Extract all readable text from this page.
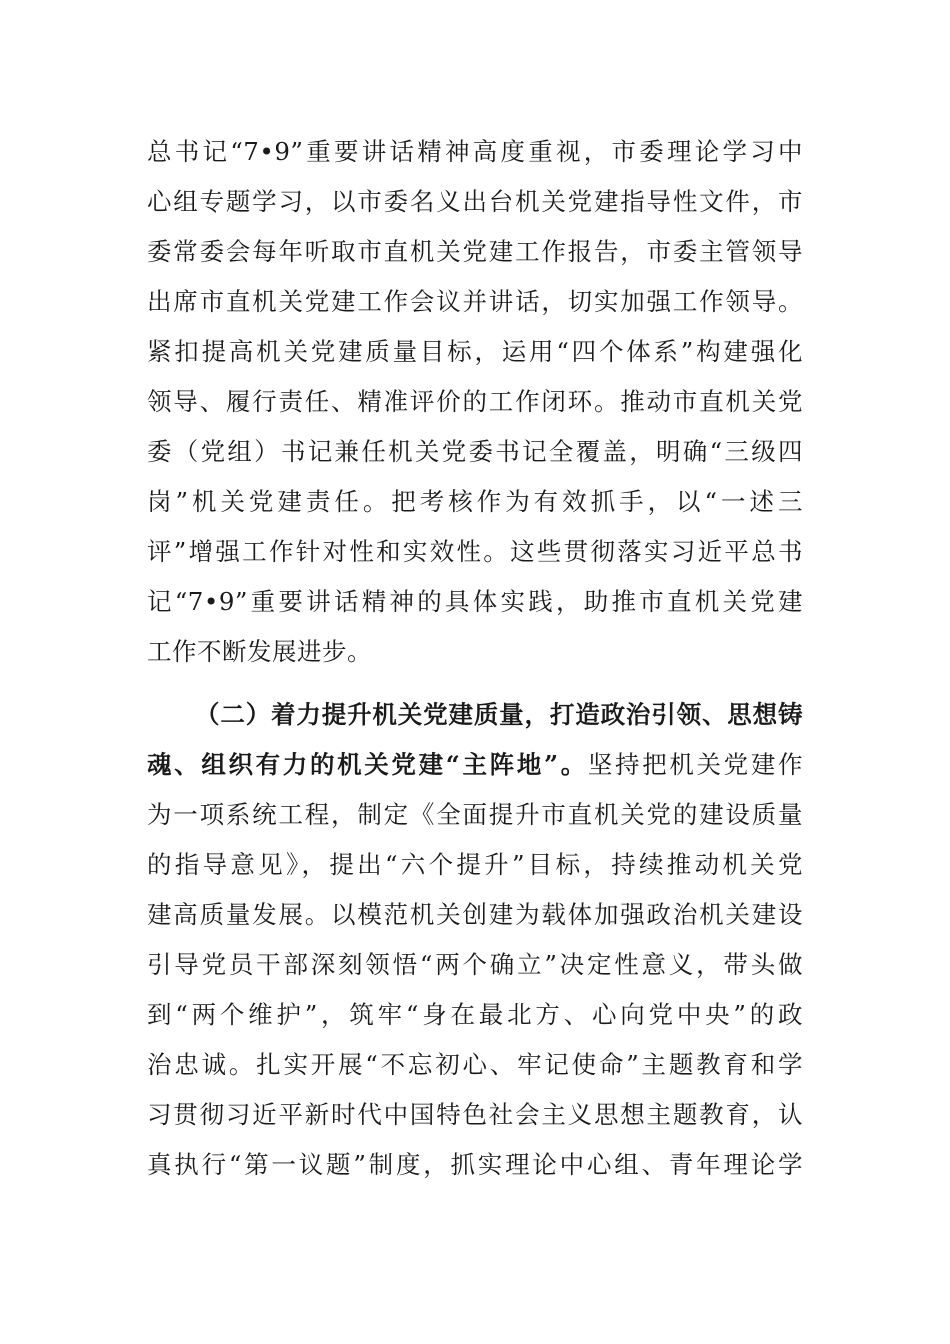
总书记“7•9”重要讲话精神高度重视，市委理论学习中
心组专题学习，以市委名义出台机关党建指导性文件，市
委常委会每年听取市直机关党建工作报告，市委主管领导
出席市直机关党建工作会议并讲话，切实加强工作领导。
紧扣提高机关党建质量目标，运用“四个体系”构建强化
领导、履行责任、精准评价的工作闭环。推动市直机关党
委（党组）书记兼任机关党委书记全覆盖，明确“三级四
岗”机关党建责任。把考核作为有效抓手，以“一述三
评”增强工作针对性和实效性。这些贯彻落实习近平总书
记“7•9”重要讲话精神的具体实践，助推市直机关党建
工作不断发展进步。
（二）着力提升机关党建质量，打造政治引领、思想铸
魂、组织有力的机关党建“主阵地”。坚持把机关党建作
为一项系统工程，制定《全面提升市直机关党的建设质量
的指导意见》，提出“六个提升”目标，持续推动机关党
建高质量发展。以模范机关创建为载体加强政治机关建设
引导党员干部深刻领悟“两个确立”决定性意义，带头做
到“两个维护”，筑牢“身在最北方、心向党中央”的政
治忠诚。扎实开展“不忘初心、牢记使命”主题教育和学
习贯彻习近平新时代中国特色社会主义思想主题教育，认
真执行“第一议题”制度，抓实理论中心组、青年理论学
